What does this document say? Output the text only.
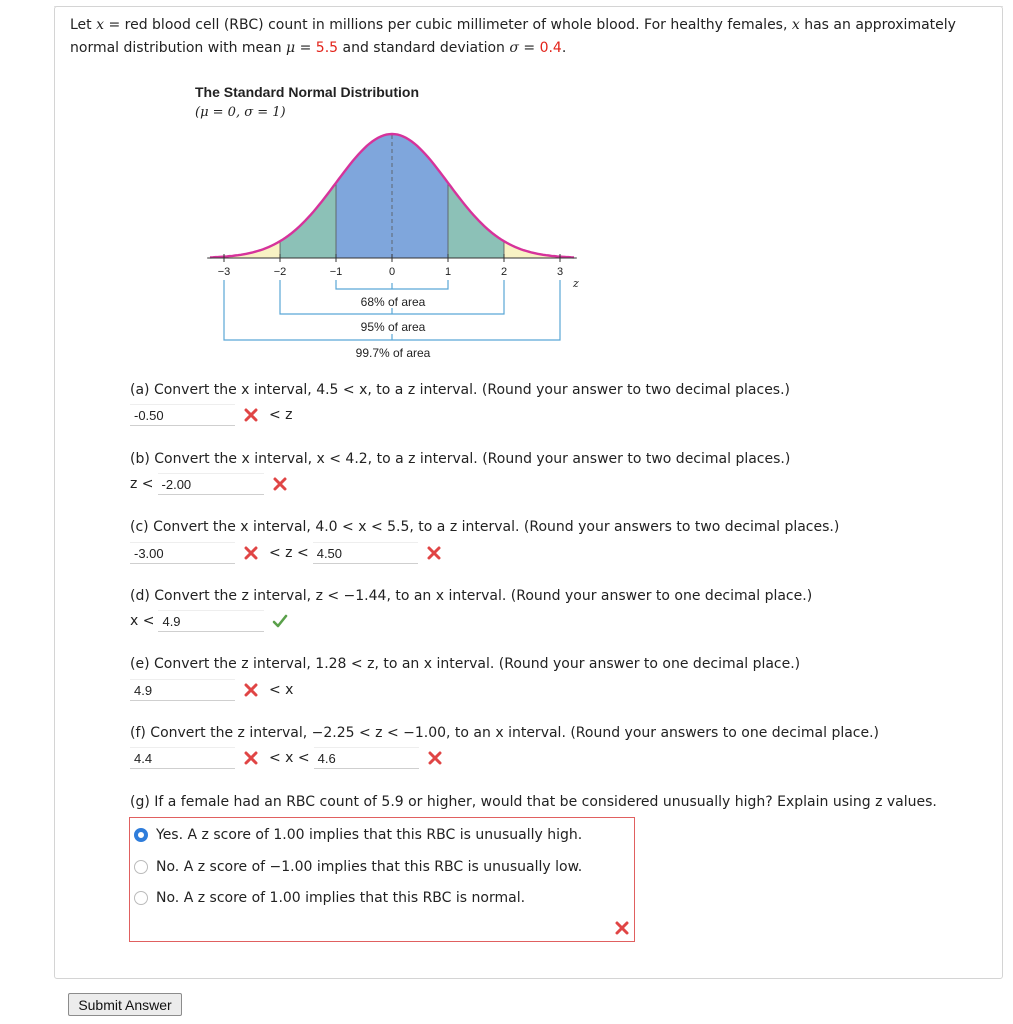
Let x = red blood cell (RBC) count in millions per cubic millimeter of whole blood. For healthy females, x has an approximately normal distribution with mean μ = 5.5 and standard deviation σ = 0.4.
The Standard Normal Distribution
(μ = 0, σ = 1)
−3	−2	−1	0	1	2	3
z
68% of area
95% of area
99.7% of area
(a) Convert the x interval, 4.5 < x, to a z interval. (Round your answer to two decimal places.)
-0.50	< z
(b) Convert the x interval, x < 4.2, to a z interval. (Round your answer to two decimal places.)
z < -2.00
(c) Convert the x interval, 4.0 < x < 5.5, to a z interval. (Round your answers to two decimal places.)
-3.00	< z < 4.50
(d) Convert the z interval, z < −1.44, to an x interval. (Round your answer to one decimal place.)
x < 4.9
(e) Convert the z interval, 1.28 < z, to an x interval. (Round your answer to one decimal place.)
4.9	< x
(f) Convert the z interval, −2.25 < z < −1.00, to an x interval. (Round your answers to one decimal place.)
4.4	< x < 4.6
(g) If a female had an RBC count of 5.9 or higher, would that be considered unusually high? Explain using z values.
Yes. A z score of 1.00 implies that this RBC is unusually high.
No. A z score of −1.00 implies that this RBC is unusually low.
No. A z score of 1.00 implies that this RBC is normal.
Submit Answer
